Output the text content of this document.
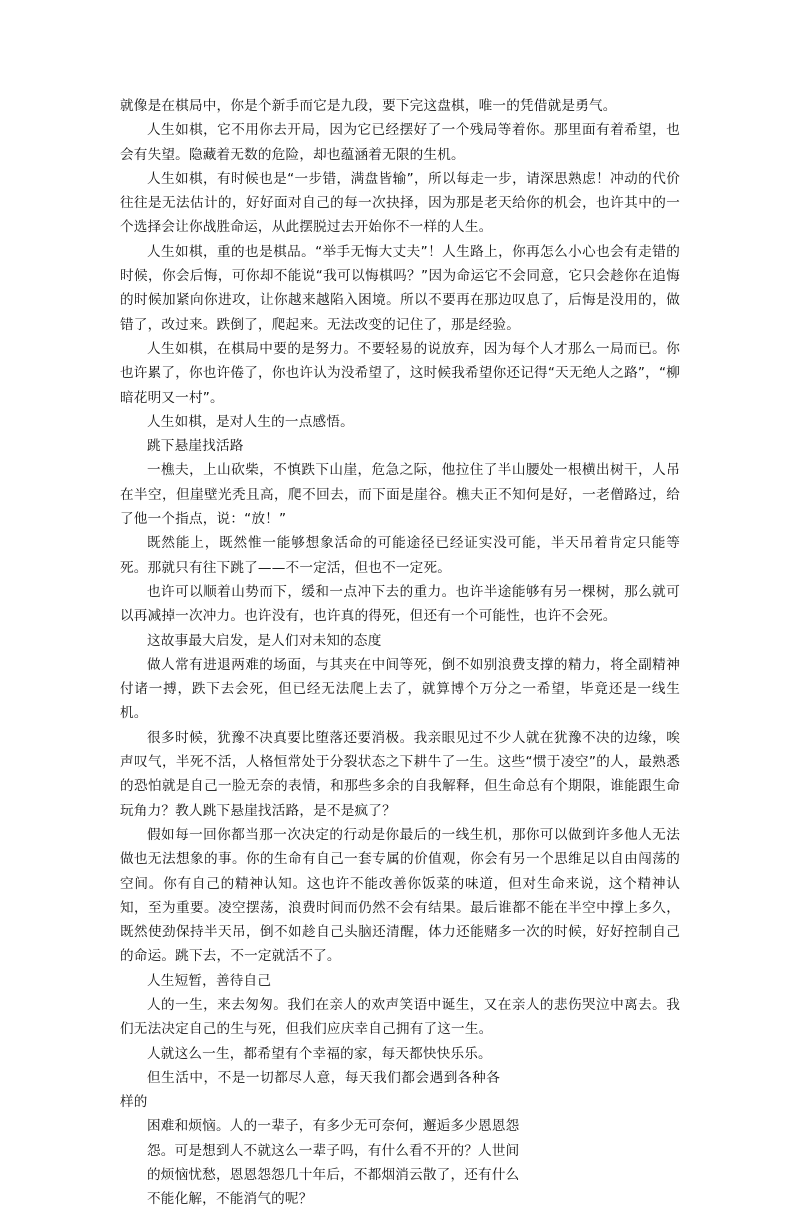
就像是在棋局中，你是个新手而它是九段，要下完这盘棋，唯一的凭借就是勇气。

人生如棋，它不用你去开局，因为它已经摆好了一个残局等着你。那里面有着希望，也会有失望。隐藏着无数的危险，却也蕴涵着无限的生机。

人生如棋，有时候也是“一步错，满盘皆输”，所以每走一步，请深思熟虑！冲动的代价往往是无法估计的，好好面对自己的每一次抉择，因为那是老天给你的机会，也许其中的一个选择会让你战胜命运，从此摆脱过去开始你不一样的人生。

人生如棋，重的也是棋品。“举手无悔大丈夫”！人生路上，你再怎么小心也会有走错的时候，你会后悔，可你却不能说“我可以悔棋吗？”因为命运它不会同意，它只会趁你在追悔的时候加紧向你进攻，让你越来越陷入困境。所以不要再在那边叹息了，后悔是没用的，做错了，改过来。跌倒了，爬起来。无法改变的记住了，那是经验。

人生如棋，在棋局中要的是努力。不要轻易的说放弃，因为每个人才那么一局而已。你也许累了，你也许倦了，你也许认为没希望了，这时候我希望你还记得“天无绝人之路”，“柳暗花明又一村”。

人生如棋，是对人生的一点感悟。

跳下悬崖找活路

一樵夫，上山砍柴，不慎跌下山崖，危急之际，他拉住了半山腰处一根横出树干，人吊在半空，但崖壁光秃且高，爬不回去，而下面是崖谷。樵夫正不知何是好，一老僧路过，给了他一个指点，说：“放！”

既然能上，既然惟一能够想象活命的可能途径已经证实没可能，半天吊着肯定只能等死。那就只有往下跳了——不一定活，但也不一定死。

也许可以顺着山势而下，缓和一点冲下去的重力。也许半途能够有另一棵树，那么就可以再减掉一次冲力。也许没有，也许真的得死，但还有一个可能性，也许不会死。

这故事最大启发，是人们对未知的态度

做人常有进退两难的场面，与其夹在中间等死，倒不如别浪费支撑的精力，将全副精神付诸一搏，跌下去会死，但已经无法爬上去了，就算博个万分之一希望，毕竟还是一线生机。

很多时候，犹豫不决真要比堕落还要消极。我亲眼见过不少人就在犹豫不决的边缘，唉声叹气，半死不活，人格恒常处于分裂状态之下耕牛了一生。这些“惯于凌空”的人，最熟悉的恐怕就是自己一脸无奈的表情，和那些多余的自我解释，但生命总有个期限，谁能跟生命玩角力？教人跳下悬崖找活路，是不是疯了？

假如每一回你都当那一次决定的行动是你最后的一线生机，那你可以做到许多他人无法做也无法想象的事。你的生命有自己一套专属的价值观，你会有另一个思维足以自由闯荡的空间。你有自己的精神认知。这也许不能改善你饭菜的味道，但对生命来说，这个精神认知，至为重要。凌空摆荡，浪费时间而仍然不会有结果。最后谁都不能在半空中撑上多久，既然使劲保持半天吊，倒不如趁自己头脑还清醒，体力还能赌多一次的时候，好好控制自己的命运。跳下去，不一定就活不了。

人生短暂，善待自己

人的一生，来去匆匆。我们在亲人的欢声笑语中诞生，又在亲人的悲伤哭泣中离去。我们无法决定自己的生与死，但我们应庆幸自己拥有了这一生。

人就这么一生，都希望有个幸福的家，每天都快快乐乐。

但生活中，不是一切都尽人意，每天我们都会遇到各种各样的

困难和烦恼。人的一辈子，有多少无可奈何，邂逅多少恩恩怨

怨。可是想到人不就这么一辈子吗，有什么看不开的？人世间

的烦恼忧愁，恩恩怨怨几十年后，不都烟消云散了，还有什么

不能化解，不能消气的呢？
